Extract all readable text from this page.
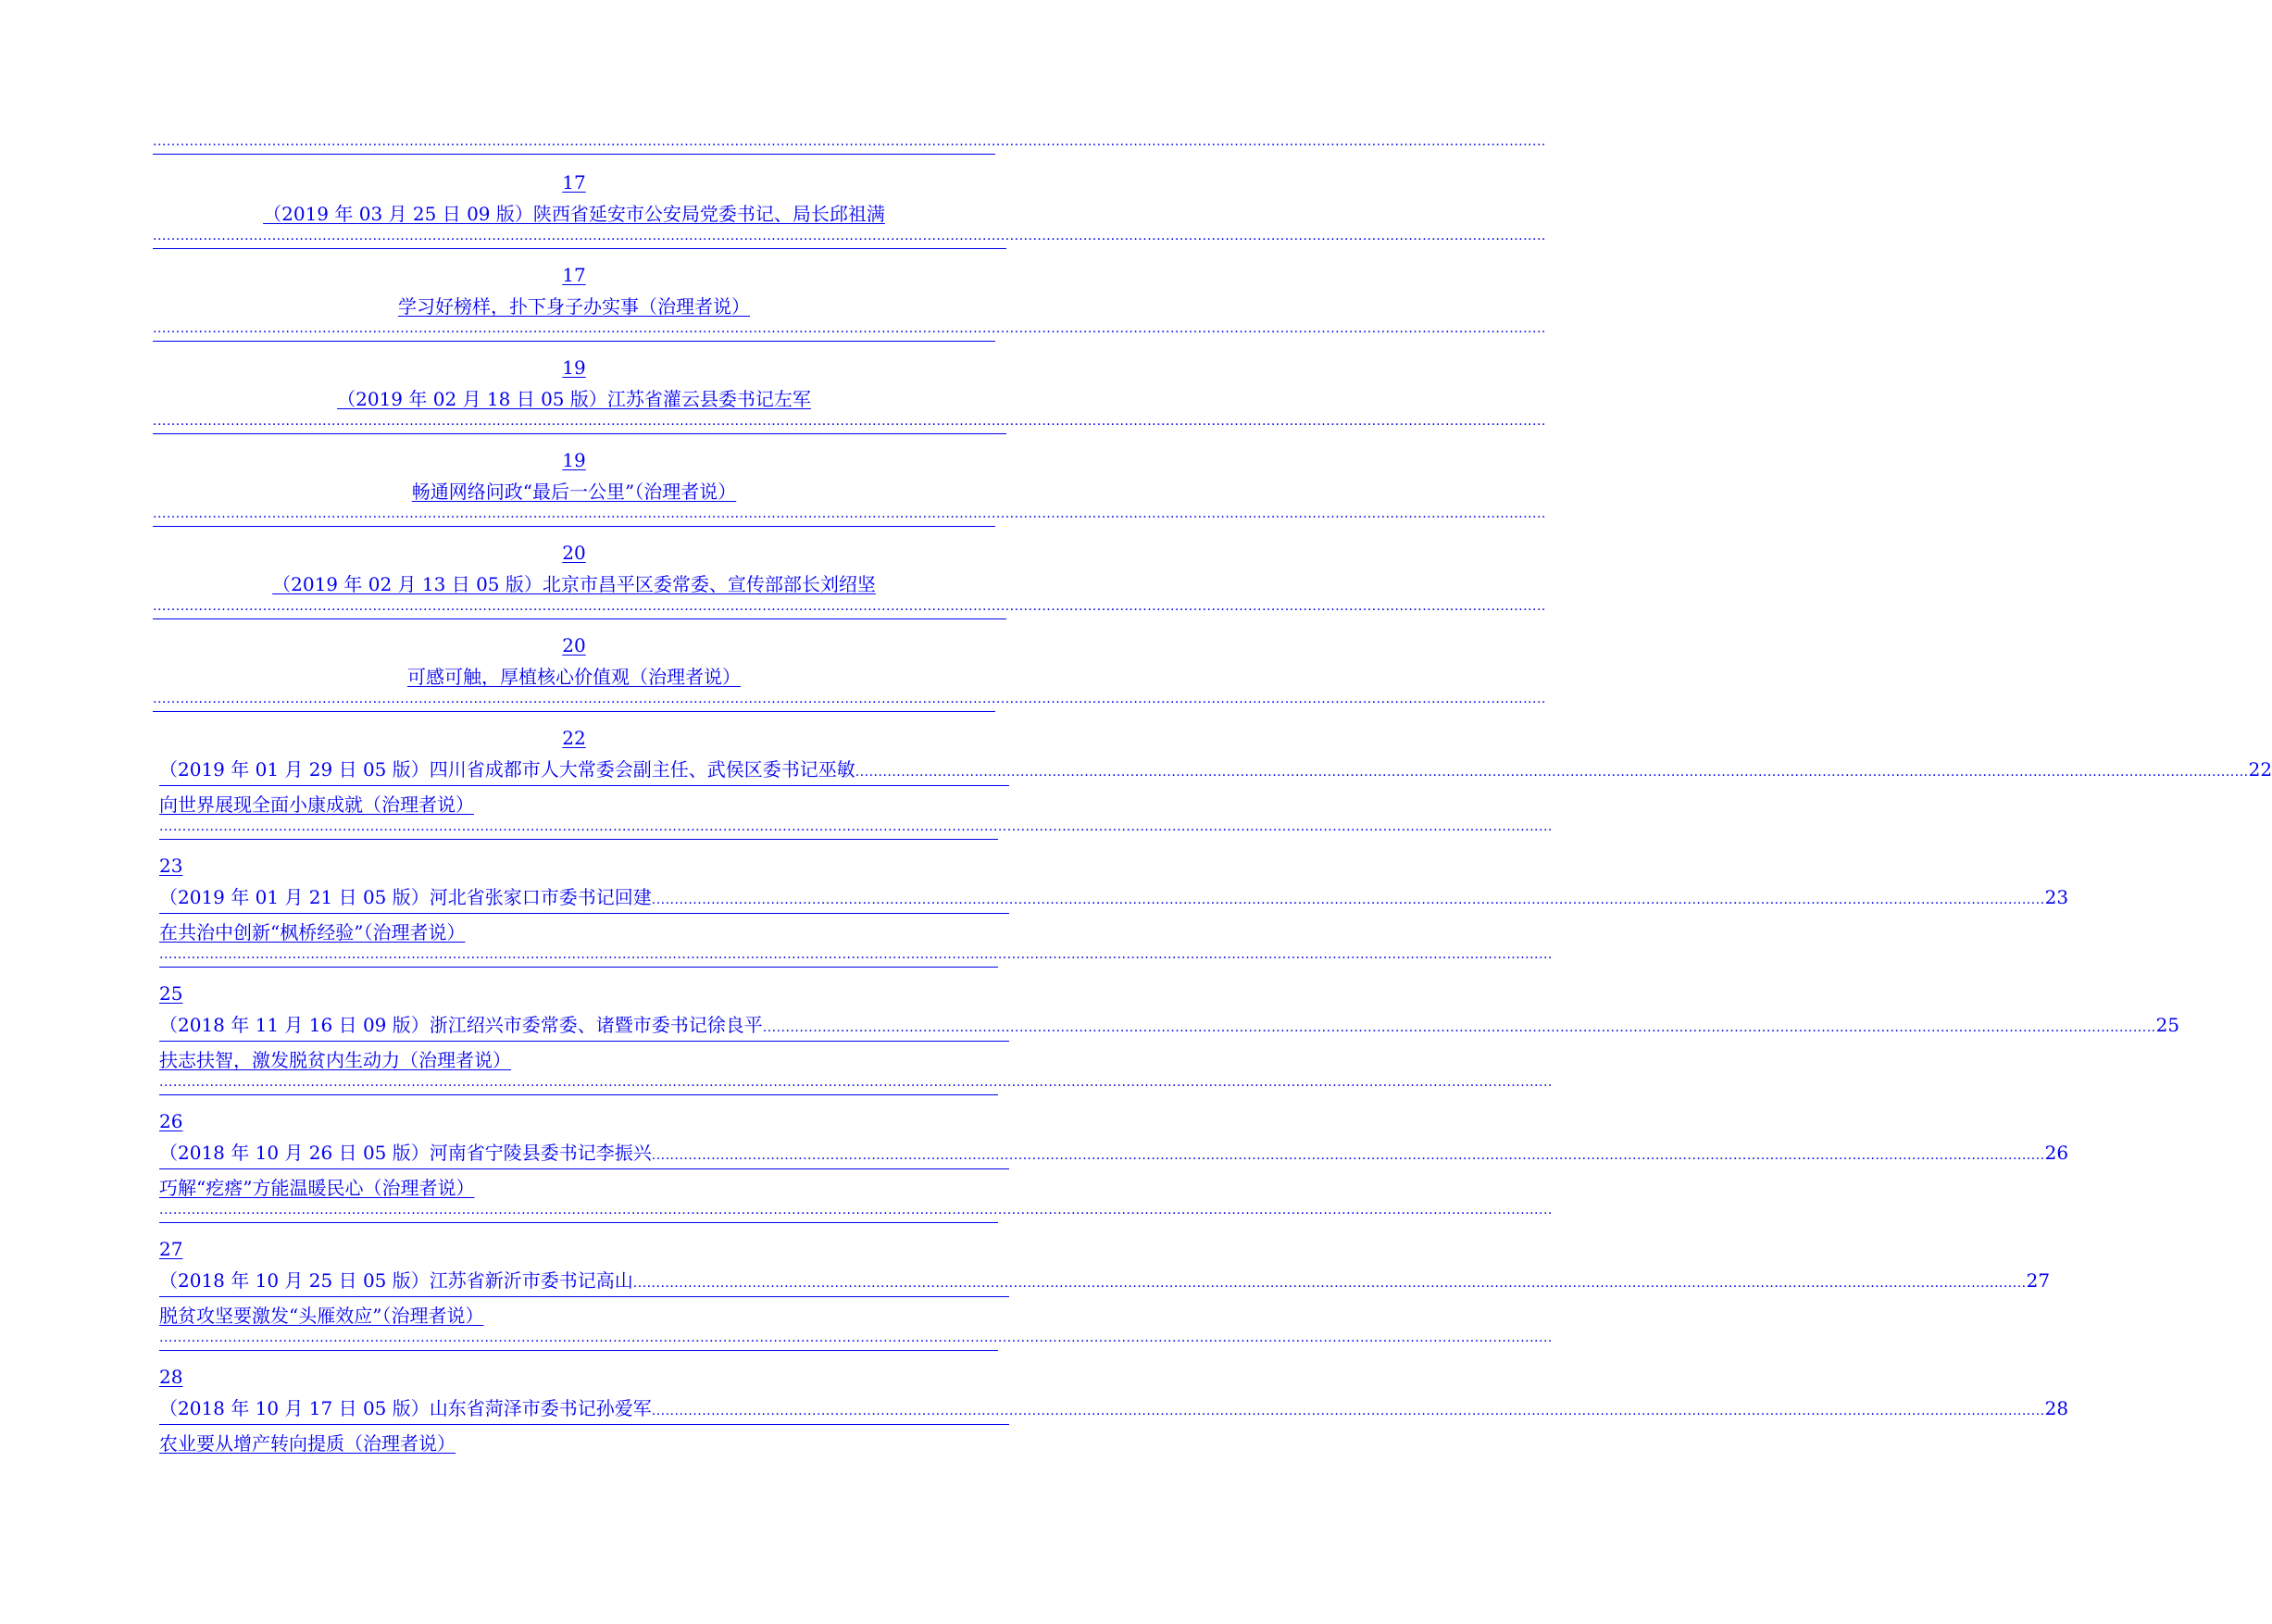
................................................................................................................................................................................................................................................................................................................
17
（2019 年 03 月 25 日 09 版）陕西省延安市公安局党委书记、局长邱祖满
................................................................................................................................................................................................................................................................................................................
17
学习好榜样，扑下身子办实事（治理者说）
................................................................................................................................................................................................................................................................................................................
19
（2019 年 02 月 18 日 05 版）江苏省灌云县委书记左军
................................................................................................................................................................................................................................................................................................................
19
畅通网络问政“最后一公里”（治理者说）
................................................................................................................................................................................................................................................................................................................
20
（2019 年 02 月 13 日 05 版）北京市昌平区委常委、宣传部部长刘绍坚
................................................................................................................................................................................................................................................................................................................
20
可感可触，厚植核心价值观（治理者说）
................................................................................................................................................................................................................................................................................................................
22
（2019 年 01 月 29 日 05 版）四川省成都市人大常委会副主任、武侯区委书记巫敏 ................................................................................................................................................................................................................................................................................................................ 22
向世界展现全面小康成就（治理者说）
................................................................................................................................................................................................................................................................................................................
23
（2019 年 01 月 21 日 05 版）河北省张家口市委书记回建 ................................................................................................................................................................................................................................................................................................................ 23
在共治中创新“枫桥经验”（治理者说）
................................................................................................................................................................................................................................................................................................................
25
（2018 年 11 月 16 日 09 版）浙江绍兴市委常委、诸暨市委书记徐良平 ................................................................................................................................................................................................................................................................................................................ 25
扶志扶智，激发脱贫内生动力（治理者说）
................................................................................................................................................................................................................................................................................................................
26
（2018 年 10 月 26 日 05 版）河南省宁陵县委书记李振兴 ................................................................................................................................................................................................................................................................................................................ 26
巧解“疙瘩”方能温暖民心（治理者说）
................................................................................................................................................................................................................................................................................................................
27
（2018 年 10 月 25 日 05 版）江苏省新沂市委书记高山 ................................................................................................................................................................................................................................................................................................................ 27
脱贫攻坚要激发“头雁效应”（治理者说）
................................................................................................................................................................................................................................................................................................................
28
（2018 年 10 月 17 日 05 版）山东省菏泽市委书记孙爱军 ................................................................................................................................................................................................................................................................................................................ 28
农业要从增产转向提质（治理者说）
